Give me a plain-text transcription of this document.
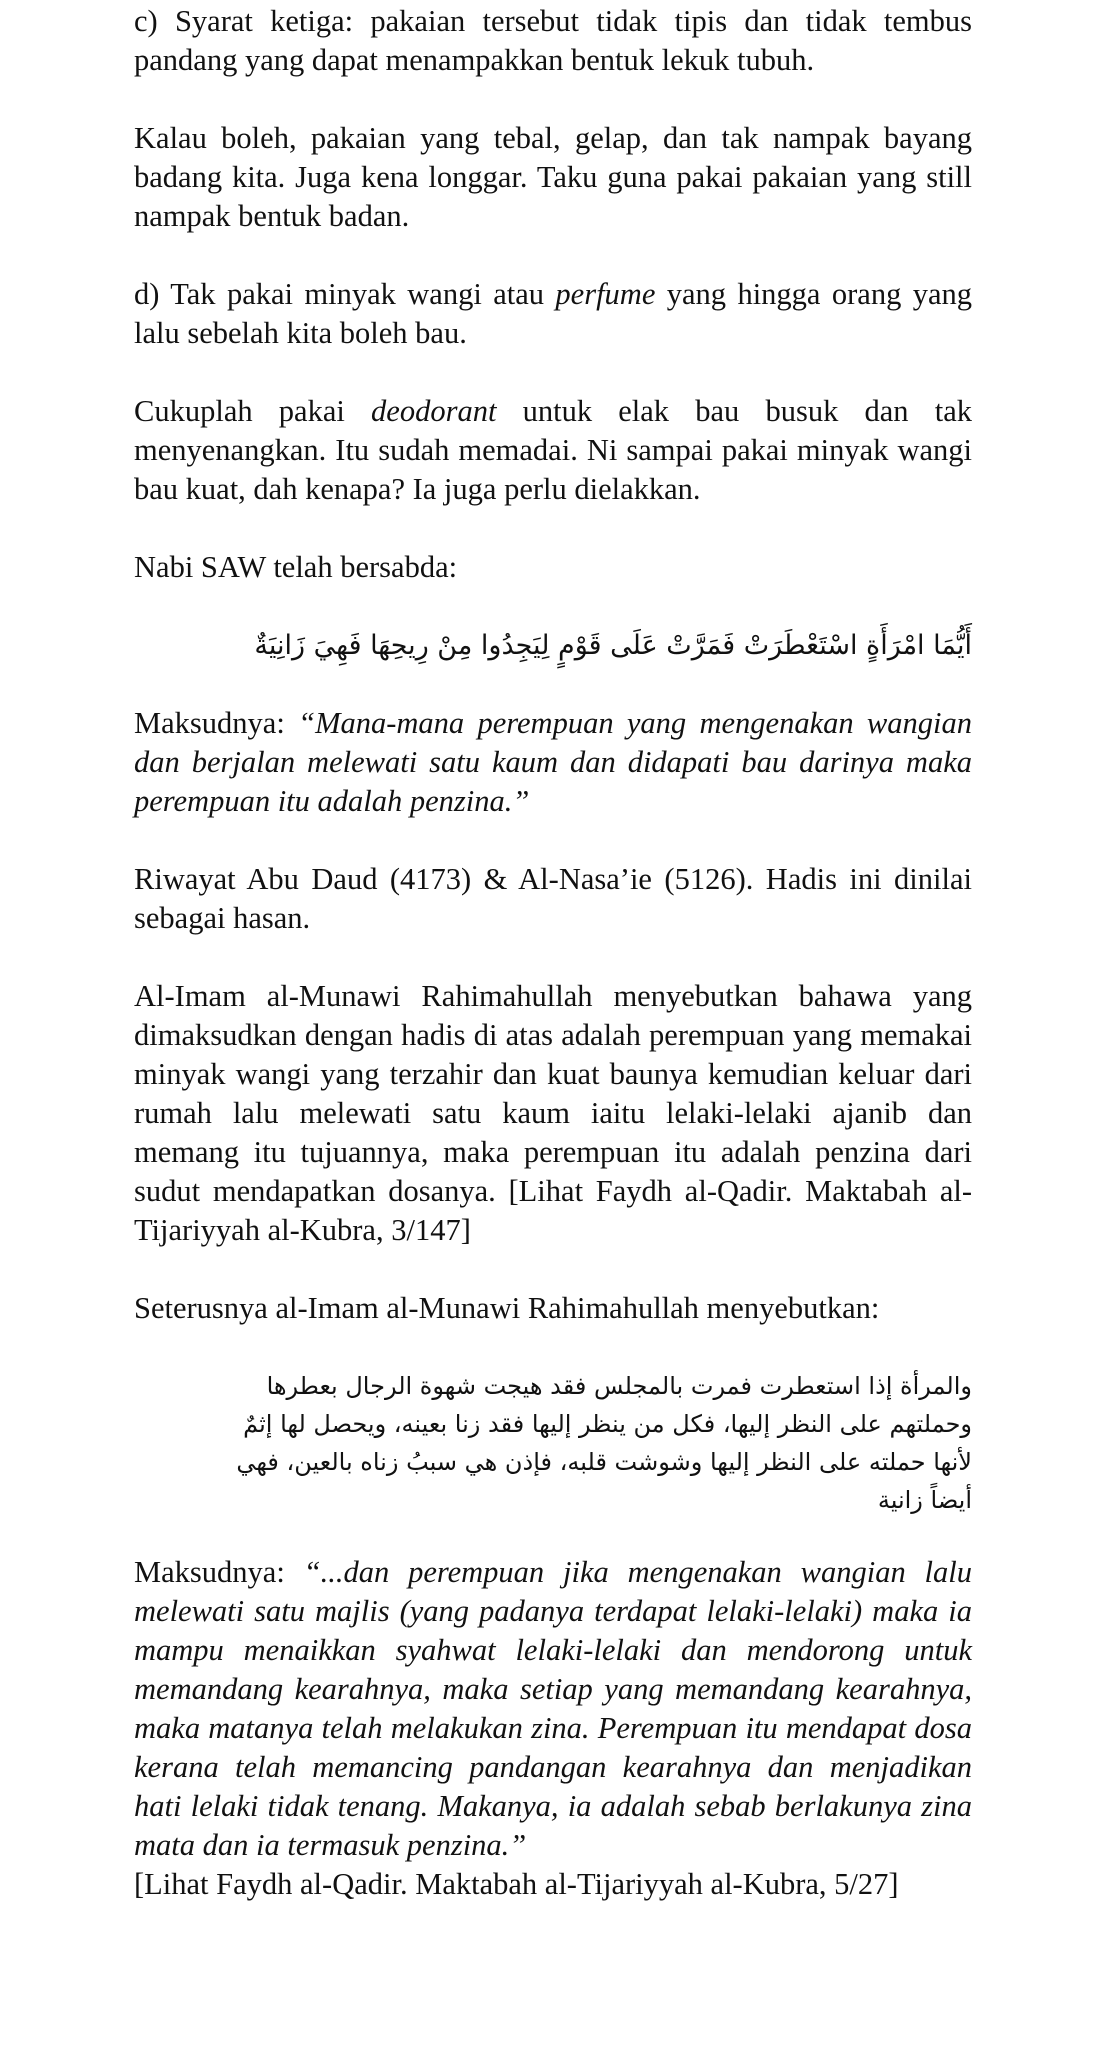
c) Syarat ketiga: pakaian tersebut tidak tipis dan tidak tembus pandang yang dapat menampakkan bentuk lekuk tubuh.

Kalau boleh, pakaian yang tebal, gelap, dan tak nampak bayang badang kita. Juga kena longgar. Taku guna pakai pakaian yang still nampak bentuk badan.

d) Tak pakai minyak wangi atau perfume yang hingga orang yang lalu sebelah kita boleh bau.

Cukuplah pakai deodorant untuk elak bau busuk dan tak menyenangkan. Itu sudah memadai. Ni sampai pakai minyak wangi bau kuat, dah kenapa? Ia juga perlu dielakkan.

Nabi SAW telah bersabda:

أَيُّمَا امْرَأَةٍ اسْتَعْطَرَتْ فَمَرَّتْ عَلَى قَوْمٍ لِيَجِدُوا مِنْ رِيحِهَا فَهِيَ زَانِيَةٌ

Maksudnya: “Mana-mana perempuan yang mengenakan wangian dan berjalan melewati satu kaum dan didapati bau darinya maka perempuan itu adalah penzina.”

Riwayat Abu Daud (4173) & Al-Nasa’ie (5126). Hadis ini dinilai sebagai hasan.

Al-Imam al-Munawi Rahimahullah menyebutkan bahawa yang dimaksudkan dengan hadis di atas adalah perempuan yang memakai minyak wangi yang terzahir dan kuat baunya kemudian keluar dari rumah lalu melewati satu kaum iaitu lelaki-lelaki ajanib dan memang itu tujuannya, maka perempuan itu adalah penzina dari sudut mendapatkan dosanya. [Lihat Faydh al-Qadir. Maktabah al-Tijariyyah al-Kubra, 3/147]

Seterusnya al-Imam al-Munawi Rahimahullah menyebutkan:

والمرأة إذا استعطرت فمرت بالمجلس فقد هيجت شهوة الرجال بعطرها
وحملتهم على النظر إليها، فكل من ينظر إليها فقد زنا بعينه، ويحصل لها إثمٌ
لأنها حملته على النظر إليها وشوشت قلبه، فإذن هي سببُ زناه بالعين، فهي
أيضاً زانية

Maksudnya: “...dan perempuan jika mengenakan wangian lalu melewati satu majlis (yang padanya terdapat lelaki-lelaki) maka ia mampu menaikkan syahwat lelaki-lelaki dan mendorong untuk memandang kearahnya, maka setiap yang memandang kearahnya, maka matanya telah melakukan zina. Perempuan itu mendapat dosa kerana telah memancing pandangan kearahnya dan menjadikan hati lelaki tidak tenang. Makanya, ia adalah sebab berlakunya zina mata dan ia termasuk penzina.”

[Lihat Faydh al-Qadir. Maktabah al-Tijariyyah al-Kubra, 5/27]
